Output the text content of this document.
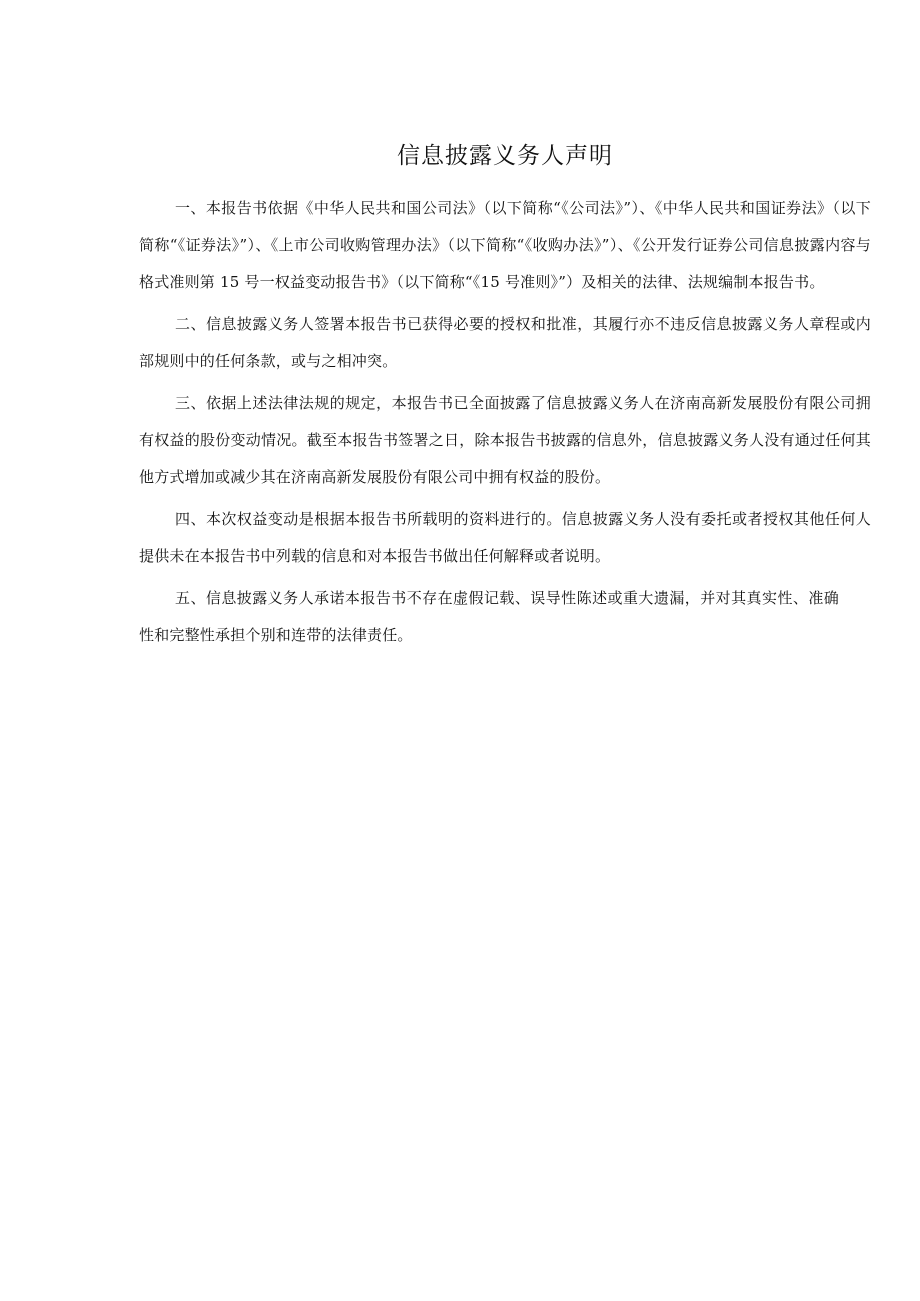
信息披露义务人声明

一、本报告书依据《中华人民共和国公司法》（以下简称“《公司法》”）、《中华人民共和国证券法》（以下简称“《证券法》”）、《上市公司收购管理办法》（以下简称“《收购办法》”）、《公开发行证券公司信息披露内容与格式准则第 15 号一权益变动报告书》（以下简称“《15 号准则》”）及相关的法律、法规编制本报告书。

二、信息披露义务人签署本报告书已获得必要的授权和批准，其履行亦不违反信息披露义务人章程或内部规则中的任何条款，或与之相冲突。

三、依据上述法律法规的规定，本报告书已全面披露了信息披露义务人在济南高新发展股份有限公司拥有权益的股份变动情况。截至本报告书签署之日，除本报告书披露的信息外，信息披露义务人没有通过任何其他方式增加或减少其在济南高新发展股份有限公司中拥有权益的股份。

四、本次权益变动是根据本报告书所载明的资料进行的。信息披露义务人没有委托或者授权其他任何人提供未在本报告书中列载的信息和对本报告书做出任何解释或者说明。

五、信息披露义务人承诺本报告书不存在虚假记载、误导性陈述或重大遗漏，并对其真实性、准确性和完整性承担个别和连带的法律责任。
